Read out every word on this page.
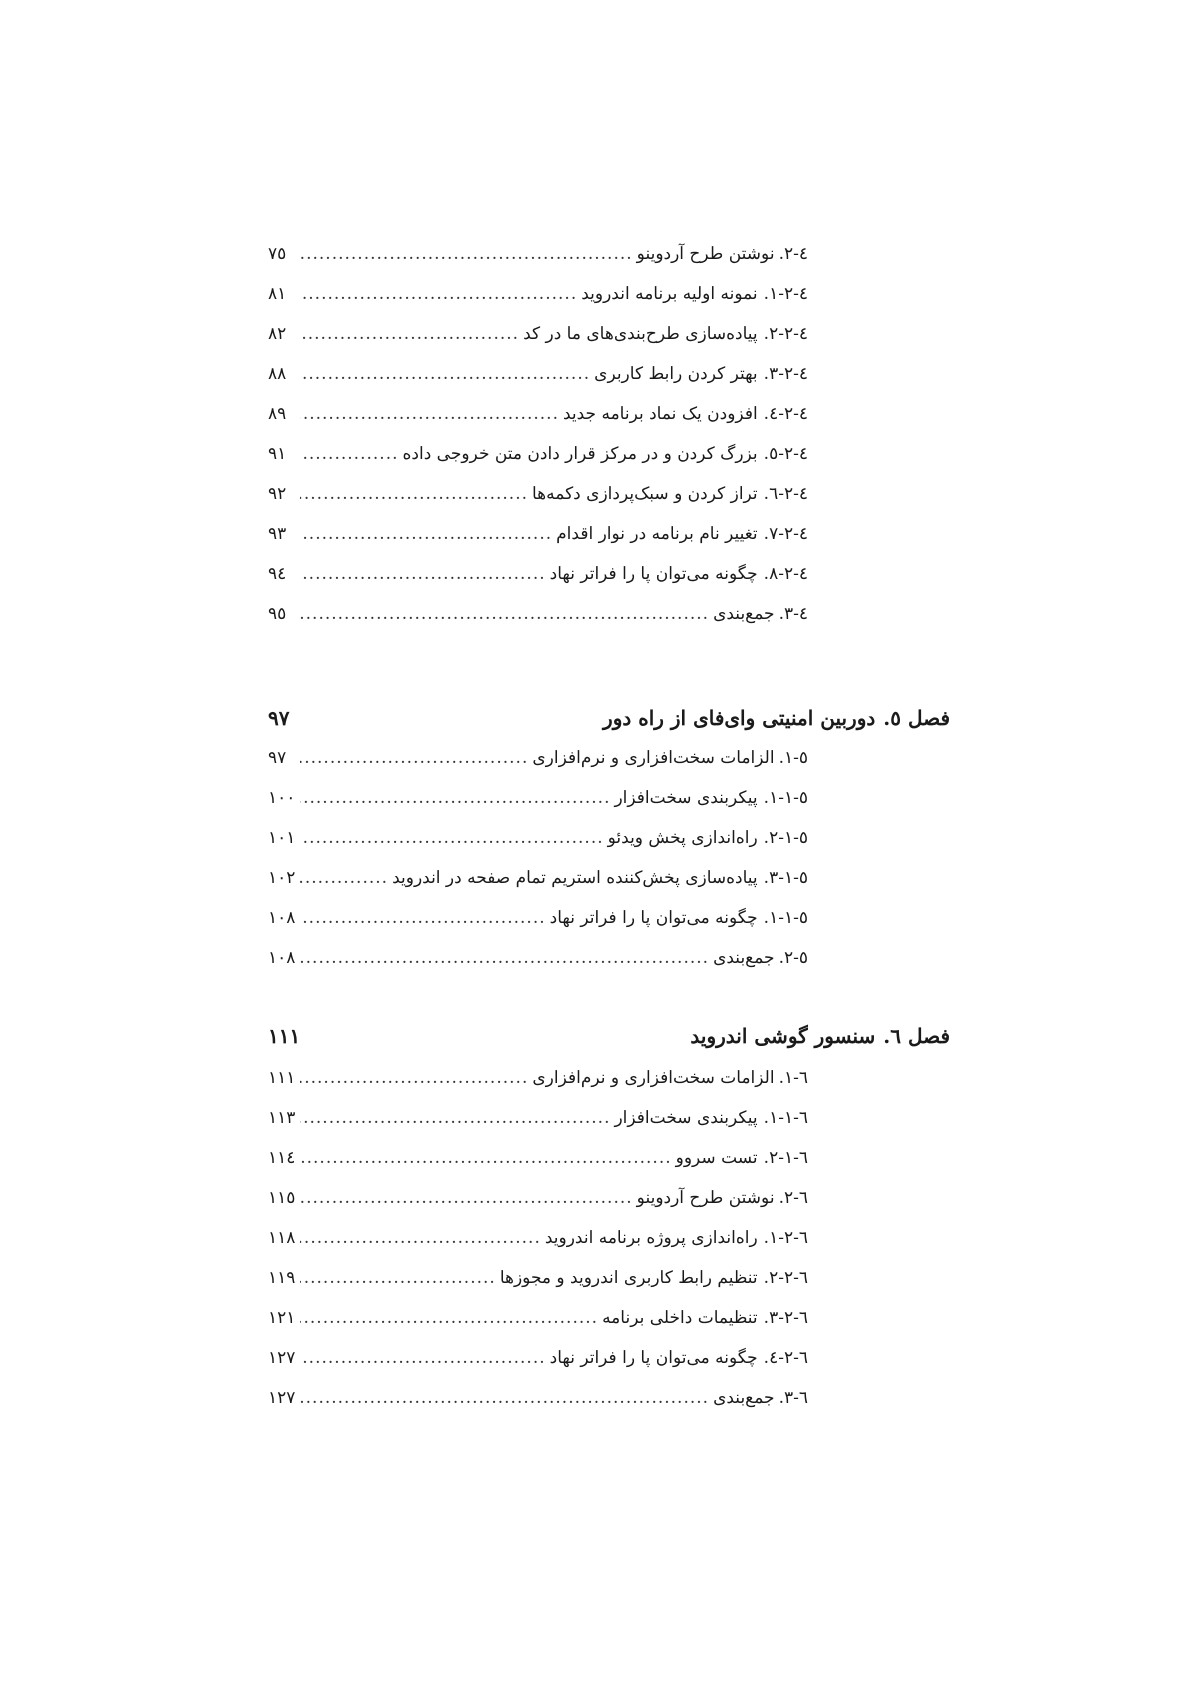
٤-٢.
نوشتن طرح آردوینو
.....
٧٥
٤-٢-١.
نمونه اولیه برنامه اندروید
.....
٨١
٤-٢-٢.
پیاده‌سازی طرح‌بندی‌های ما در کد
.....
٨٢
٤-٢-٣.
بهتر کردن رابط کاربری
.....
٨٨
٤-٢-٤.
افزودن یک نماد برنامه جدید
.....
٨٩
٤-٢-٥.
بزرگ کردن و در مرکز قرار دادن متن خروجی داده
.....
٩١
٤-٢-٦.
تراز کردن و سبک‌پردازی دکمه‌ها
.....
٩٢
٤-٢-٧.
تغییر نام برنامه در نوار اقدام
.....
٩٣
٤-٢-٨.
چگونه می‌توان پا را فراتر نهاد
.....
٩٤
٤-٣.
جمع‌بندی
.....
٩٥
فصل ٥.
دوربین امنیتی وای‌فای از راه دور
٩٧
٥-١.
الزامات سخت‌افزاری و نرم‌افزاری
.....
٩٧
٥-١-١.
پیکربندی سخت‌افزار
.....
١٠٠
٥-١-٢.
راه‌اندازی پخش ویدئو
.....
١٠١
٥-١-٣.
پیاده‌سازی پخش‌کننده استریم تمام صفحه در اندروید
.....
١٠٢
٥-١-١.
چگونه می‌توان پا را فراتر نهاد
.....
١٠٨
٥-٢.
جمع‌بندی
.....
١٠٨
فصل ٦.
سنسور گوشی اندروید
١١١
٦-١.
الزامات سخت‌افزاری و نرم‌افزاری
.....
١١١
٦-١-١.
پیکربندی سخت‌افزار
.....
١١٣
٦-١-٢.
تست سروو
.....
١١٤
٦-٢.
نوشتن طرح آردوینو
.....
١١٥
٦-٢-١.
راه‌اندازی پروژه برنامه اندروید
.....
١١٨
٦-٢-٢.
تنظیم رابط کاربری اندروید و مجوزها
.....
١١٩
٦-٢-٣.
تنظیمات داخلی برنامه
.....
١٢١
٦-٢-٤.
چگونه می‌توان پا را فراتر نهاد
.....
١٢٧
٦-٣.
جمع‌بندی
.....
١٢٧
